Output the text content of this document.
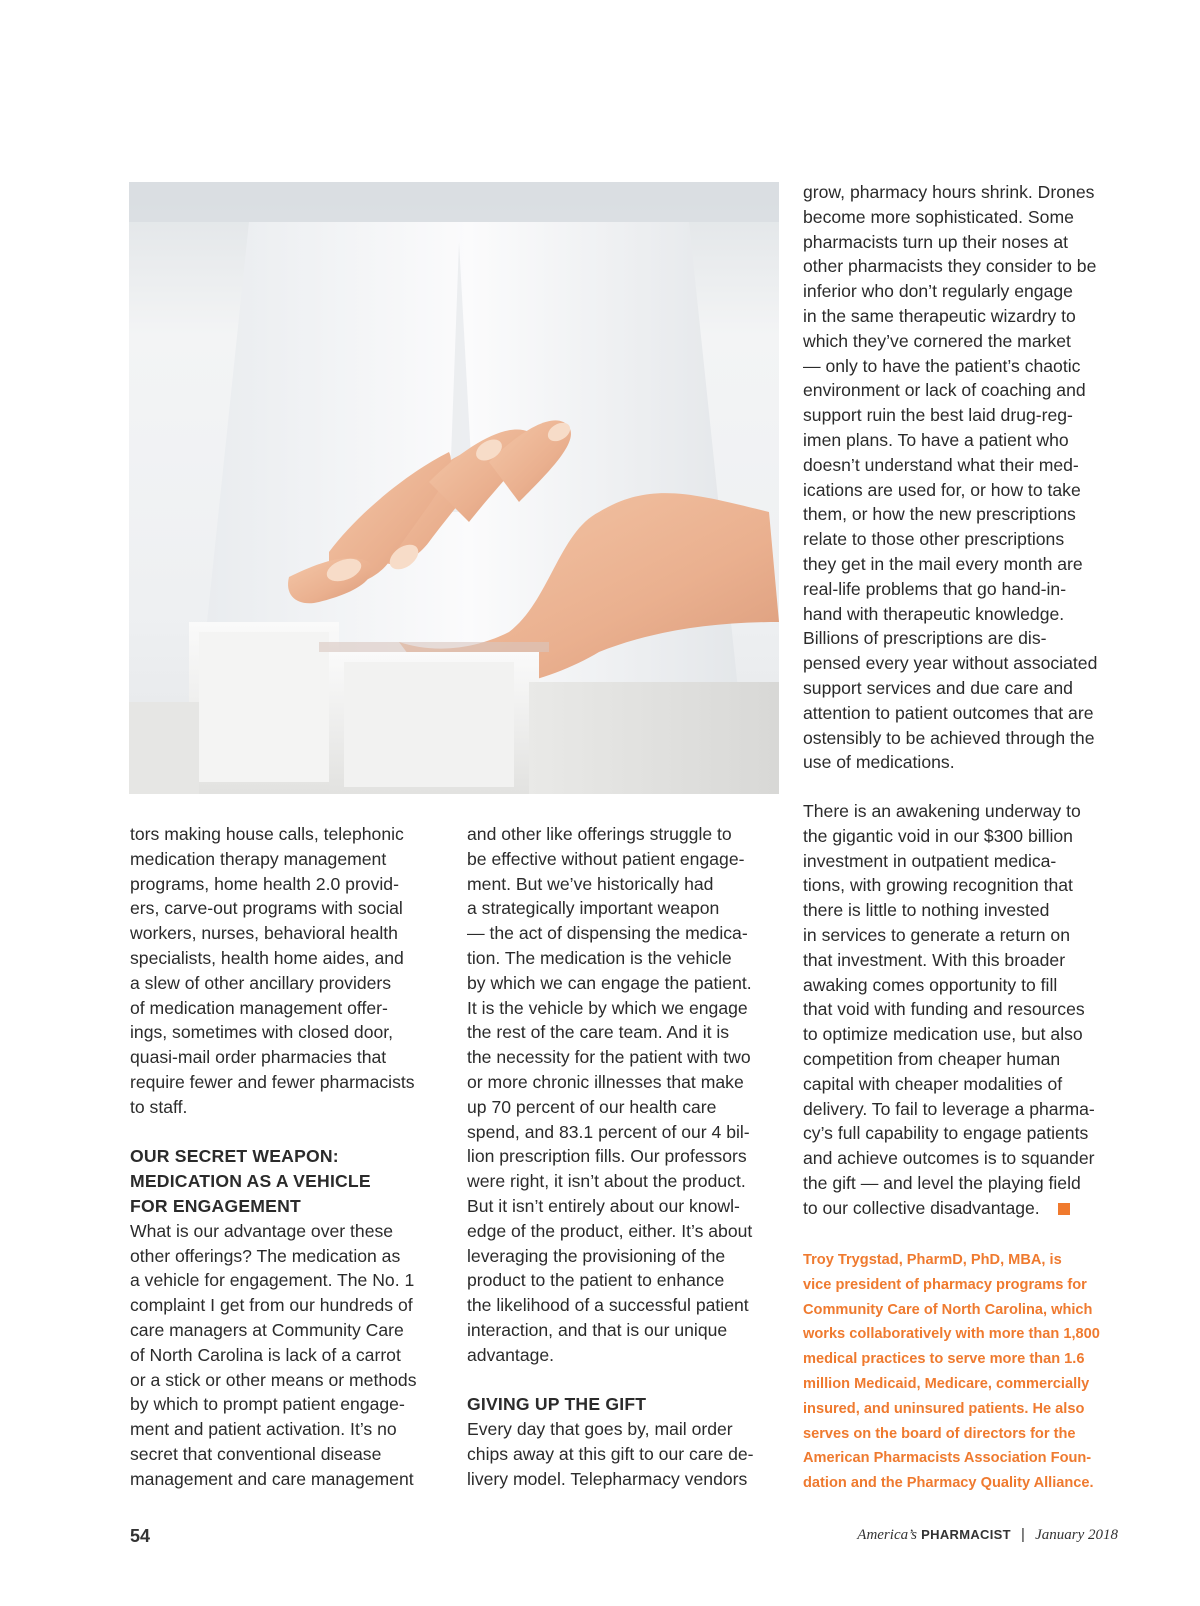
tors making house calls, telephonic

medication therapy management

programs, home health 2.0 provid-

ers, carve-out programs with social

workers, nurses, behavioral health

specialists, health home aides, and

a slew of other ancillary providers

of medication management offer-

ings, sometimes with closed door,

quasi-mail order pharmacies that

require fewer and fewer pharmacists

to staff.

OUR SECRET WEAPON:

MEDICATION AS A VEHICLE

FOR ENGAGEMENT

What is our advantage over these

other offerings? The medication as

a vehicle for engagement. The No. 1

complaint I get from our hundreds of

care managers at Community Care

of North Carolina is lack of a carrot

or a stick or other means or methods

by which to prompt patient engage-

ment and patient activation. It’s no

secret that conventional disease

management and care management

and other like offerings struggle to

be effective without patient engage-

ment. But we’ve historically had

a strategically important weapon

— the act of dispensing the medica-

tion. The medication is the vehicle

by which we can engage the patient.

It is the vehicle by which we engage

the rest of the care team. And it is

the necessity for the patient with two

or more chronic illnesses that make

up 70 percent of our health care

spend, and 83.1 percent of our 4 bil-

lion prescription fills. Our professors

were right, it isn’t about the product.

But it isn’t entirely about our knowl-

edge of the product, either. It’s about

leveraging the provisioning of the

product to the patient to enhance

the likelihood of a successful patient

interaction, and that is our unique

advantage.

GIVING UP THE GIFT

Every day that goes by, mail order

chips away at this gift to our care de-

livery model. Telepharmacy vendors

grow, pharmacy hours shrink. Drones

become more sophisticated. Some

pharmacists turn up their noses at

other pharmacists they consider to be

inferior who don’t regularly engage

in the same therapeutic wizardry to

which they’ve cornered the market

— only to have the patient’s chaotic

environment or lack of coaching and

support ruin the best laid drug-reg-

imen plans. To have a patient who

doesn’t understand what their med-

ications are used for, or how to take

them, or how the new prescriptions

relate to those other prescriptions

they get in the mail every month are

real-life problems that go hand-in-

hand with therapeutic knowledge.

Billions of prescriptions are dis-

pensed every year without associated

support services and due care and

attention to patient outcomes that are

ostensibly to be achieved through the

use of medications.

There is an awakening underway to

the gigantic void in our $300 billion

investment in outpatient medica-

tions, with growing recognition that

there is little to nothing invested

in services to generate a return on

that investment. With this broader

awaking comes opportunity to fill

that void with funding and resources

to optimize medication use, but also

competition from cheaper human

capital with cheaper modalities of

delivery. To fail to leverage a pharma-

cy’s full capability to engage patients

and achieve outcomes is to squander

the gift — and level the playing field

to our collective disadvantage.

Troy Trygstad, PharmD, PhD, MBA, is

vice president of pharmacy programs for

Community Care of North Carolina, which

works collaboratively with more than 1,800

medical practices to serve more than 1.6

million Medicaid, Medicare, commercially

insured, and uninsured patients. He also

serves on the board of directors for the

American Pharmacists Association Foun-

dation and the Pharmacy Quality Alliance.

54	America’s PHARMACIST | January 2018
